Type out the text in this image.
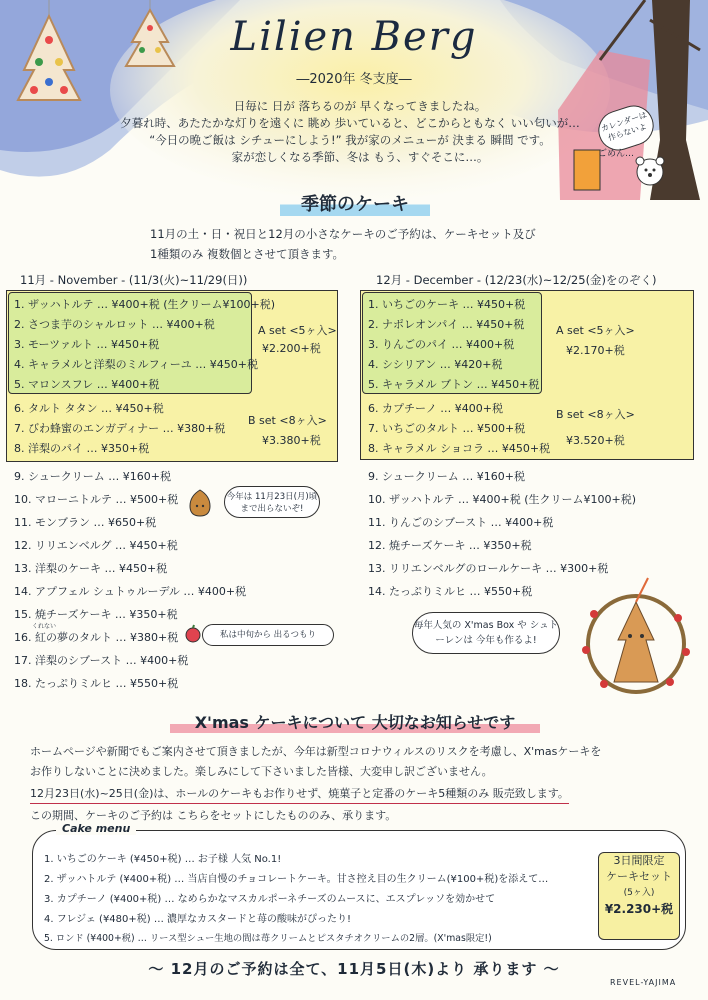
Lilien Berg
―2020年 冬支度―
日毎に 日が 落ちるのが 早くなってきましたね。
夕暮れ時、あたたかな灯りを遠くに 眺め 歩いていると、どこからともなく いい匂いが…
“今日の晩ご飯は シチューにしよう!” 我が家のメニューが 決まる 瞬間 です。
家が恋しくなる季節、冬は もう、すぐそこに…。
カレンダーは 作らないよ
ごめん…
季節のケーキ
11月の土・日・祝日と12月の小さなケーキのご予約は、ケーキセット及び
1種類のみ 複数個とさせて頂きます。
11月 - November - (11/3(火)~11/29(日))
1. ザッハトルテ … ¥400+税 (生クリーム¥100+税)
2. さつま芋のシャルロット … ¥400+税
3. モーツァルト … ¥450+税
4. キャラメルと洋梨のミルフィーユ … ¥450+税
5. マロンスフレ … ¥400+税
A set <5ヶ入>
¥2.200+税
6. タルト タタン … ¥450+税
7. びわ蜂蜜のエンガディナー … ¥380+税
8. 洋梨のパイ … ¥350+税
B set <8ヶ入>
¥3.380+税
9. シュークリーム … ¥160+税
10. マローニトルテ … ¥500+税
11. モンブラン … ¥650+税
12. リリエンベルグ … ¥450+税
13. 洋梨のケーキ … ¥450+税
14. アプフェル シュトゥルーデル … ¥400+税
15. 焼チーズケーキ … ¥350+税
くれない
16. 紅の夢のタルト … ¥380+税
17. 洋梨のシブースト … ¥400+税
18. たっぷりミルヒ … ¥550+税
今年は 11月23日(月)頃 まで出らないぞ!
私は中旬から 出るつもり
12月 - December - (12/23(水)~12/25(金)をのぞく)
1. いちごのケーキ … ¥450+税
2. ナポレオンパイ … ¥450+税
3. りんごのパイ … ¥400+税
4. シシリアン … ¥420+税
5. キャラメル ブトン … ¥450+税
A set <5ヶ入>
¥2.170+税
6. カプチーノ … ¥400+税
7. いちごのタルト … ¥500+税
8. キャラメル ショコラ … ¥450+税
B set <8ヶ入>
¥3.520+税
9. シュークリーム … ¥160+税
10. ザッハトルテ … ¥400+税 (生クリーム¥100+税)
11. りんごのシブースト … ¥400+税
12. 焼チーズケーキ … ¥350+税
13. リリエンベルグのロールケーキ … ¥300+税
14. たっぷりミルヒ … ¥550+税
毎年人気の X'mas Box や シュトーレンは 今年も作るよ!
X'mas ケーキについて 大切なお知らせです
ホームページや新聞でもご案内させて頂きましたが、今年は新型コロナウィルスのリスクを考慮し、X'masケーキを
お作りしないことに決めました。楽しみにして下さいました皆様、大変申し訳ございません。
12月23日(水)~25日(金)は、ホールのケーキもお作りせず、焼菓子と定番のケーキ5種類のみ 販売致します。
この期間、ケーキのご予約は こちらをセットにしたもののみ、承ります。
Cake menu
1. いちごのケーキ (¥450+税) … お子様 人気 No.1!
2. ザッハトルテ (¥400+税) … 当店自慢のチョコレートケーキ。甘さ控え目の生クリーム(¥100+税)を添えて…
3. カプチーノ (¥400+税) … なめらかなマスカルポーネチーズのムースに、エスプレッソを効かせて
4. フレジェ (¥480+税) … 濃厚なカスタードと苺の酸味がぴったり!
5. ロンド (¥400+税) … リース型シュー生地の間は苺クリームとピスタチオクリームの2層。(X'mas限定!)
3日間限定
ケーキセット
(5ヶ入)
¥2.230+税
〜 12月のご予約は全て、11月5日(木)より 承ります 〜
REVEL-YAJIMA
